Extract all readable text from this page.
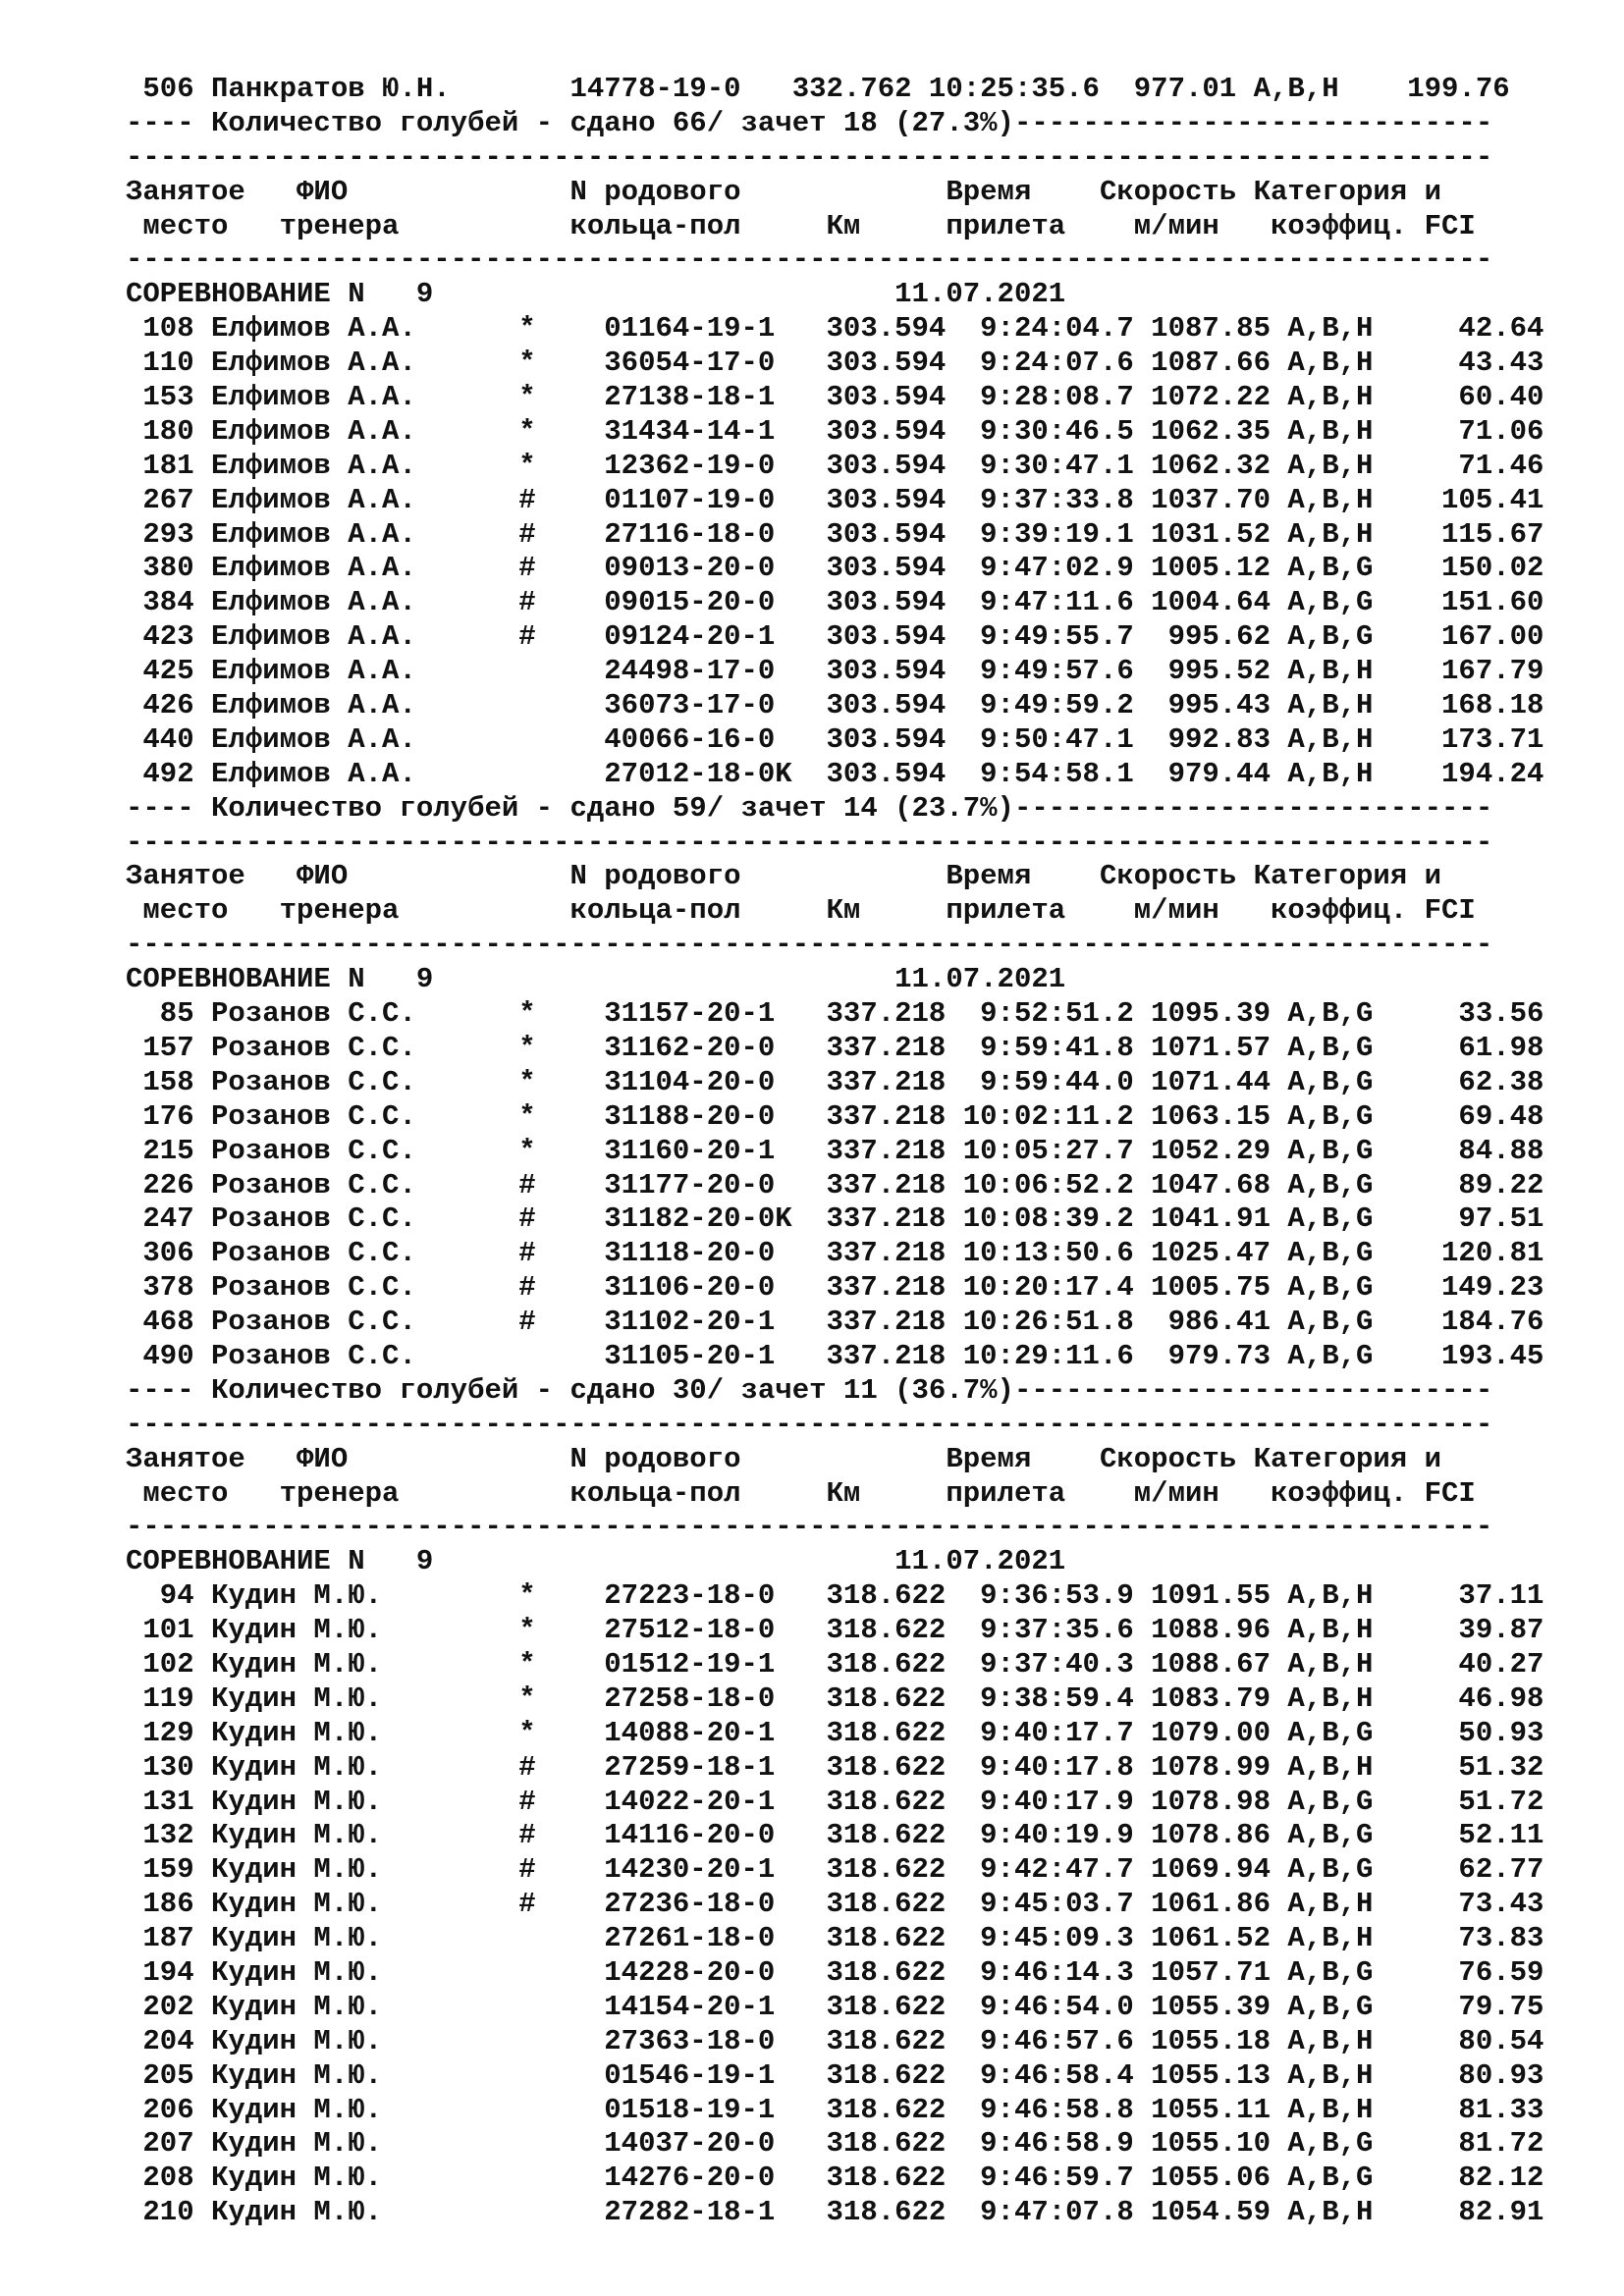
506 Панкратов Ю.Н.       14778-19-0   332.762 10:25:35.6  977.01 A,B,H    199.76
---- Количество голубей - сдано 66/ зачет 18 (27.3%)----------------------------
--------------------------------------------------------------------------------
Занятое   ФИО             N родового            Время    Скорость Категория и
место   тренера          кольца-пол     Км     прилета    м/мин   коэффиц. FCI
--------------------------------------------------------------------------------
СОРЕВНОВАНИЕ N   9                           11.07.2021
108 Елфимов А.А.      *    01164-19-1   303.594  9:24:04.7 1087.85 A,B,H     42.64
110 Елфимов А.А.      *    36054-17-0   303.594  9:24:07.6 1087.66 A,B,H     43.43
153 Елфимов А.А.      *    27138-18-1   303.594  9:28:08.7 1072.22 A,B,H     60.40
180 Елфимов А.А.      *    31434-14-1   303.594  9:30:46.5 1062.35 A,B,H     71.06
181 Елфимов А.А.      *    12362-19-0   303.594  9:30:47.1 1062.32 A,B,H     71.46
267 Елфимов А.А.      #    01107-19-0   303.594  9:37:33.8 1037.70 A,B,H    105.41
293 Елфимов А.А.      #    27116-18-0   303.594  9:39:19.1 1031.52 A,B,H    115.67
380 Елфимов А.А.      #    09013-20-0   303.594  9:47:02.9 1005.12 A,B,G    150.02
384 Елфимов А.А.      #    09015-20-0   303.594  9:47:11.6 1004.64 A,B,G    151.60
423 Елфимов А.А.      #    09124-20-1   303.594  9:49:55.7  995.62 A,B,G    167.00
425 Елфимов А.А.           24498-17-0   303.594  9:49:57.6  995.52 A,B,H    167.79
426 Елфимов А.А.           36073-17-0   303.594  9:49:59.2  995.43 A,B,H    168.18
440 Елфимов А.А.           40066-16-0   303.594  9:50:47.1  992.83 A,B,H    173.71
492 Елфимов А.А.           27012-18-0K  303.594  9:54:58.1  979.44 A,B,H    194.24
---- Количество голубей - сдано 59/ зачет 14 (23.7%)----------------------------
--------------------------------------------------------------------------------
Занятое   ФИО             N родового            Время    Скорость Категория и
место   тренера          кольца-пол     Км     прилета    м/мин   коэффиц. FCI
--------------------------------------------------------------------------------
СОРЕВНОВАНИЕ N   9                           11.07.2021
85 Розанов С.С.      *    31157-20-1   337.218  9:52:51.2 1095.39 A,B,G     33.56
157 Розанов С.С.      *    31162-20-0   337.218  9:59:41.8 1071.57 A,B,G     61.98
158 Розанов С.С.      *    31104-20-0   337.218  9:59:44.0 1071.44 A,B,G     62.38
176 Розанов С.С.      *    31188-20-0   337.218 10:02:11.2 1063.15 A,B,G     69.48
215 Розанов С.С.      *    31160-20-1   337.218 10:05:27.7 1052.29 A,B,G     84.88
226 Розанов С.С.      #    31177-20-0   337.218 10:06:52.2 1047.68 A,B,G     89.22
247 Розанов С.С.      #    31182-20-0K  337.218 10:08:39.2 1041.91 A,B,G     97.51
306 Розанов С.С.      #    31118-20-0   337.218 10:13:50.6 1025.47 A,B,G    120.81
378 Розанов С.С.      #    31106-20-0   337.218 10:20:17.4 1005.75 A,B,G    149.23
468 Розанов С.С.      #    31102-20-1   337.218 10:26:51.8  986.41 A,B,G    184.76
490 Розанов С.С.           31105-20-1   337.218 10:29:11.6  979.73 A,B,G    193.45
---- Количество голубей - сдано 30/ зачет 11 (36.7%)----------------------------
--------------------------------------------------------------------------------
Занятое   ФИО             N родового            Время    Скорость Категория и
место   тренера          кольца-пол     Км     прилета    м/мин   коэффиц. FCI
--------------------------------------------------------------------------------
СОРЕВНОВАНИЕ N   9                           11.07.2021
94 Кудин М.Ю.        *    27223-18-0   318.622  9:36:53.9 1091.55 A,B,H     37.11
101 Кудин М.Ю.        *    27512-18-0   318.622  9:37:35.6 1088.96 A,B,H     39.87
102 Кудин М.Ю.        *    01512-19-1   318.622  9:37:40.3 1088.67 A,B,H     40.27
119 Кудин М.Ю.        *    27258-18-0   318.622  9:38:59.4 1083.79 A,B,H     46.98
129 Кудин М.Ю.        *    14088-20-1   318.622  9:40:17.7 1079.00 A,B,G     50.93
130 Кудин М.Ю.        #    27259-18-1   318.622  9:40:17.8 1078.99 A,B,H     51.32
131 Кудин М.Ю.        #    14022-20-1   318.622  9:40:17.9 1078.98 A,B,G     51.72
132 Кудин М.Ю.        #    14116-20-0   318.622  9:40:19.9 1078.86 A,B,G     52.11
159 Кудин М.Ю.        #    14230-20-1   318.622  9:42:47.7 1069.94 A,B,G     62.77
186 Кудин М.Ю.        #    27236-18-0   318.622  9:45:03.7 1061.86 A,B,H     73.43
187 Кудин М.Ю.             27261-18-0   318.622  9:45:09.3 1061.52 A,B,H     73.83
194 Кудин М.Ю.             14228-20-0   318.622  9:46:14.3 1057.71 A,B,G     76.59
202 Кудин М.Ю.             14154-20-1   318.622  9:46:54.0 1055.39 A,B,G     79.75
204 Кудин М.Ю.             27363-18-0   318.622  9:46:57.6 1055.18 A,B,H     80.54
205 Кудин М.Ю.             01546-19-1   318.622  9:46:58.4 1055.13 A,B,H     80.93
206 Кудин М.Ю.             01518-19-1   318.622  9:46:58.8 1055.11 A,B,H     81.33
207 Кудин М.Ю.             14037-20-0   318.622  9:46:58.9 1055.10 A,B,G     81.72
208 Кудин М.Ю.             14276-20-0   318.622  9:46:59.7 1055.06 A,B,G     82.12
210 Кудин М.Ю.             27282-18-1   318.622  9:47:07.8 1054.59 A,B,H     82.91
